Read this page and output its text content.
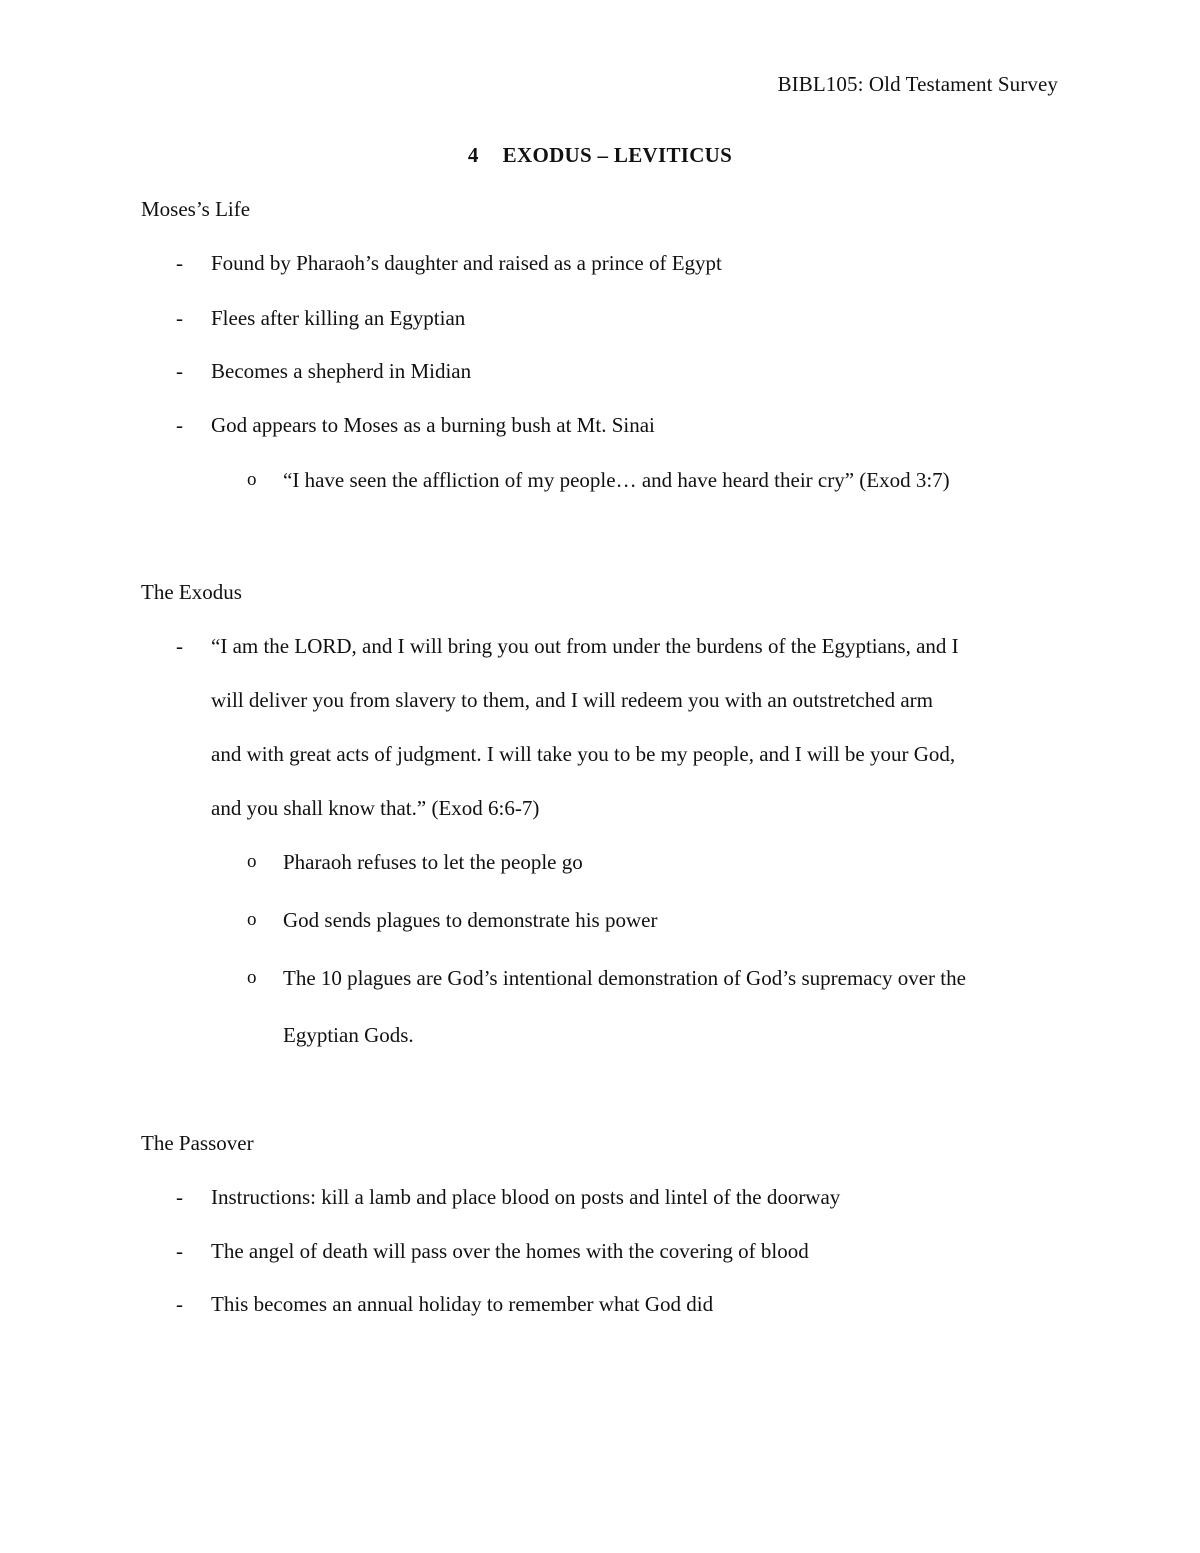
BIBL105: Old Testament Survey
4 EXODUS – LEVITICUS
Moses’s Life
- Found by Pharaoh’s daughter and raised as a prince of Egypt
- Flees after killing an Egyptian
- Becomes a shepherd in Midian
- God appears to Moses as a burning bush at Mt. Sinai
o “I have seen the affliction of my people… and have heard their cry” (Exod 3:7)
The Exodus
- “I am the LORD, and I will bring you out from under the burdens of the Egyptians, and I
will deliver you from slavery to them, and I will redeem you with an outstretched arm
and with great acts of judgment. I will take you to be my people, and I will be your God,
and you shall know that.” (Exod 6:6-7)
o Pharaoh refuses to let the people go
o God sends plagues to demonstrate his power
o The 10 plagues are God’s intentional demonstration of God’s supremacy over the
Egyptian Gods.
The Passover
- Instructions: kill a lamb and place blood on posts and lintel of the doorway
- The angel of death will pass over the homes with the covering of blood
- This becomes an annual holiday to remember what God did
